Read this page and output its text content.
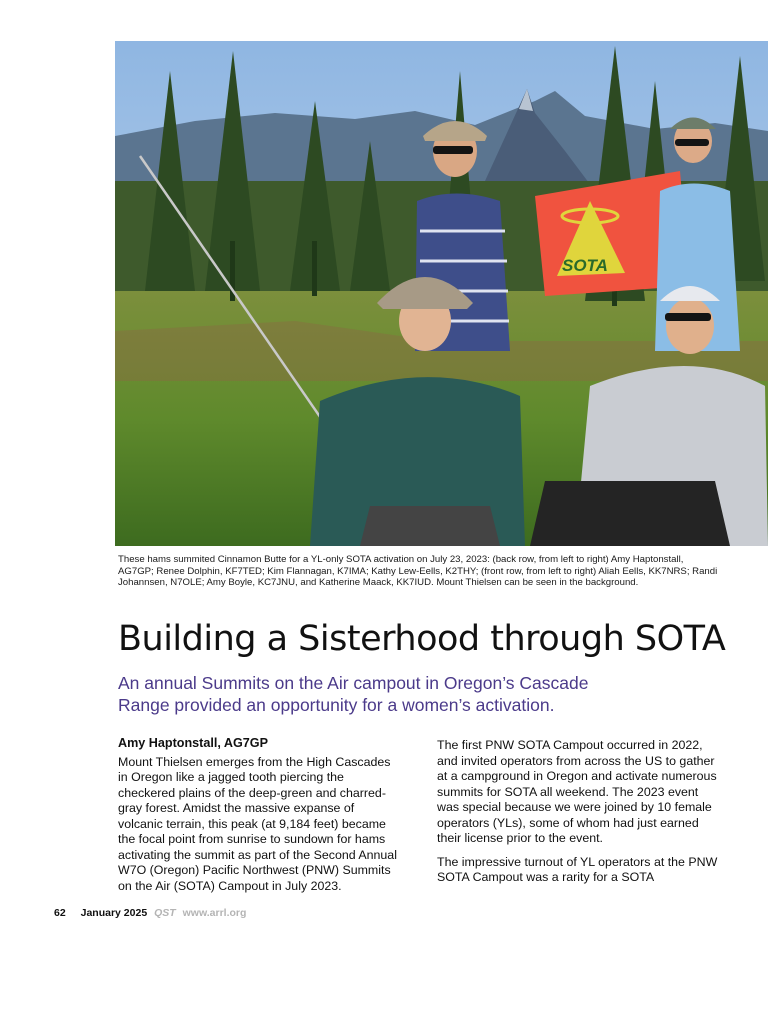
SOTA
These hams summited Cinnamon Butte for a YL-only SOTA activation on July 23, 2023: (back row, from left to right) Amy Haptonstall, AG7GP; Renee Dolphin, KF7TED; Kim Flannagan, K7IMA; Kathy Lew-Eells, K2THY; (front row, from left to right) Aliah Eells, KK7NRS; Randi Johannsen, N7OLE; Amy Boyle, KC7JNU, and Katherine Maack, KK7IUD. Mount Thielsen can be seen in the background.
Building a Sisterhood through SOTA

An annual Summits on the Air campout in Oregon’s Cascade Range provided an opportunity for a women’s activation.

Amy Haptonstall, AG7GP

Mount Thielsen emerges from the High Cascades in Oregon like a jagged tooth piercing the checkered plains of the deep-green and charred-gray forest. Amidst the massive expanse of volcanic terrain, this peak (at 9,184 feet) became the focal point from sunrise to sundown for hams activating the summit as part of the Second Annual W7O (Oregon) Pacific Northwest (PNW) Summits on the Air (SOTA) Campout in July 2023.

The first PNW SOTA Campout occurred in 2022, and invited operators from across the US to gather at a campground in Oregon and activate numerous summits for SOTA all weekend. The 2023 event was special because we were joined by 10 female operators (YLs), some of whom had just earned their license prior to the event.

The impressive turnout of YL operators at the PNW SOTA Campout was a rarity for a SOTA

62 January 2025 QST www.arrl.org
